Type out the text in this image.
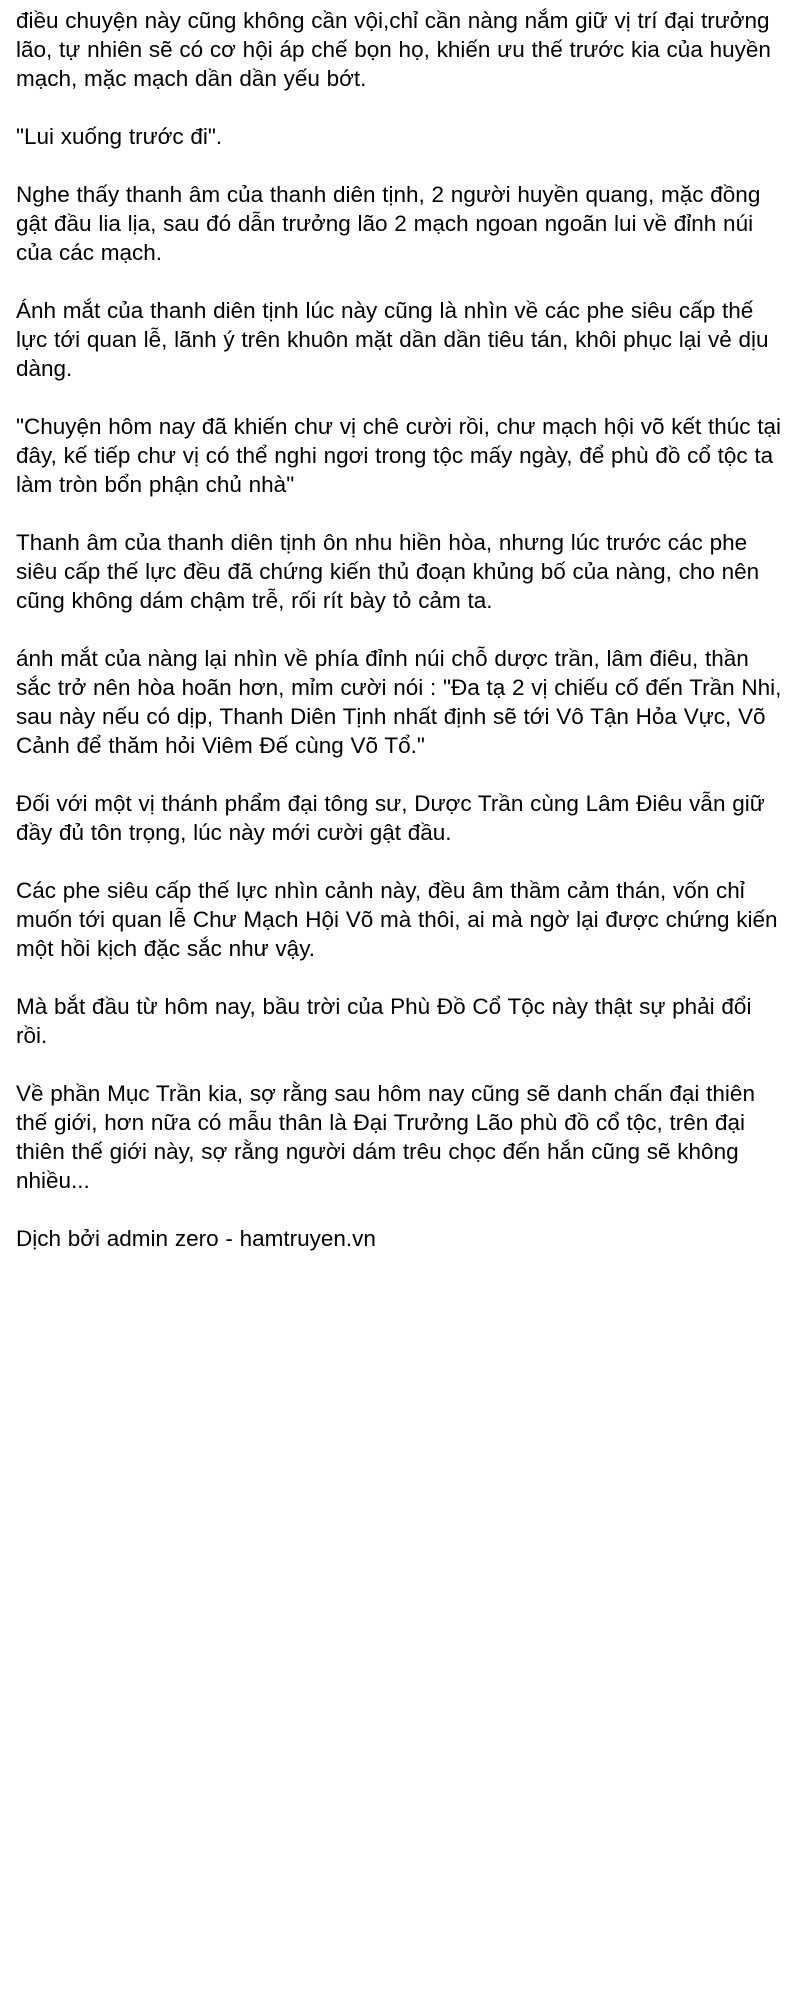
điều chuyện này cũng không cần vội,chỉ cần nàng nắm giữ vị trí đại trưởng lão, tự nhiên sẽ có cơ hội áp chế bọn họ, khiến ưu thế trước kia của huyền mạch, mặc mạch dần dần yếu bớt.

"Lui xuống trước đi".

Nghe thấy thanh âm của thanh diên tịnh, 2 người huyền quang, mặc đồng gật đầu lia lịa, sau đó dẫn trưởng lão 2 mạch ngoan ngoãn lui về đỉnh núi của các mạch.

Ánh mắt của thanh diên tịnh lúc này cũng là nhìn về các phe siêu cấp thế lực tới quan lễ, lãnh ý trên khuôn mặt dần dần tiêu tán, khôi phục lại vẻ dịu dàng.

"Chuyện hôm nay đã khiến chư vị chê cười rồi, chư mạch hội võ kết thúc tại đây, kế tiếp chư vị có thể nghi ngơi trong tộc mấy ngày, để phù đồ cổ tộc ta làm tròn bổn phận chủ nhà"

Thanh âm của thanh diên tịnh ôn nhu hiền hòa, nhưng lúc trước các phe siêu cấp thế lực đều đã chứng kiến thủ đoạn khủng bố của nàng, cho nên cũng không dám chậm trễ, rối rít bày tỏ cảm ta.

ánh mắt của nàng lại nhìn về phía đỉnh núi chỗ dược trần, lâm điêu, thần sắc trở nên hòa hoãn hơn, mỉm cười nói : "Đa tạ 2 vị chiếu cố đến Trần Nhi, sau này nếu có dịp, Thanh Diên Tịnh nhất định sẽ tới Vô Tận Hỏa Vực, Võ Cảnh để thăm hỏi Viêm Đế cùng Võ Tổ."

Đối với một vị thánh phẩm đại tông sư, Dược Trần cùng Lâm Điêu vẫn giữ đầy đủ tôn trọng, lúc này mới cười gật đầu.

Các phe siêu cấp thế lực nhìn cảnh này, đều âm thầm cảm thán, vốn chỉ muốn tới quan lễ Chư Mạch Hội Võ mà thôi, ai mà ngờ lại được chứng kiến một hồi kịch đặc sắc như vậy.

Mà bắt đầu từ hôm nay, bầu trời của Phù Đồ Cổ Tộc này thật sự phải đổi rồi.

Về phần Mục Trần kia, sợ rằng sau hôm nay cũng sẽ danh chấn đại thiên thế giới, hơn nữa có mẫu thân là Đại Trưởng Lão phù đồ cổ tộc, trên đại thiên thế giới này, sợ rằng người dám trêu chọc đến hắn cũng sẽ không nhiều...

Dịch bởi admin zero - hamtruyen.vn
